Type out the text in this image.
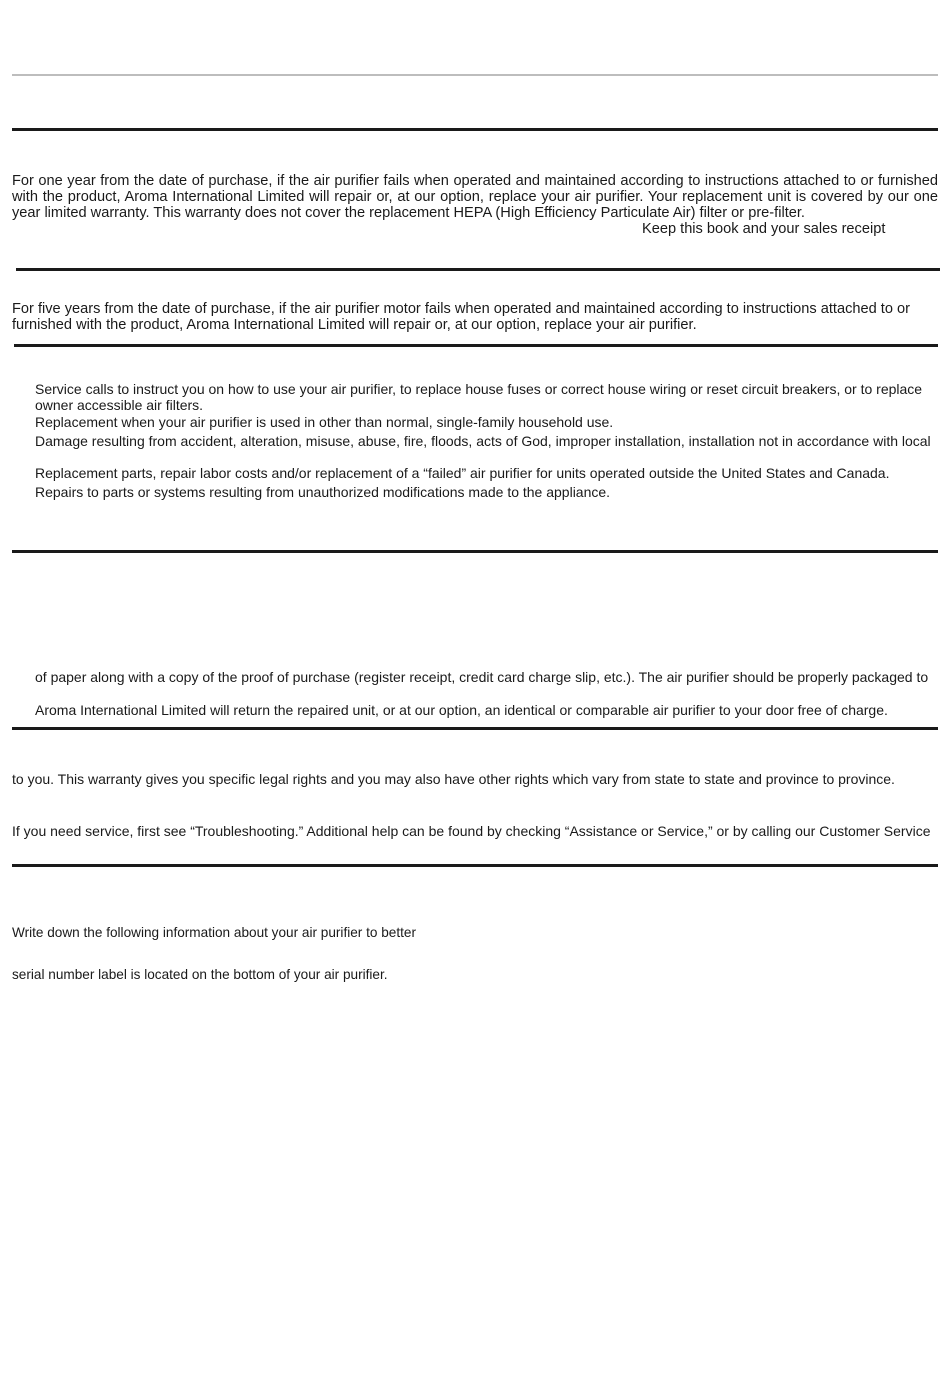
For one year from the date of purchase, if the air purifier fails when operated and maintained according to instructions attached to or furnished with the product, Aroma International Limited will repair or, at our option, replace your air purifier. Your replacement unit is covered by our one year limited warranty. This warranty does not cover the replacement HEPA (High Efficiency Particulate Air) filter or pre-filter.

Keep this book and your sales receipt

For five years from the date of purchase, if the air purifier motor fails when operated and maintained according to instructions attached to or furnished with the product, Aroma International Limited will repair or, at our option, replace your air purifier.

Service calls to instruct you on how to use your air purifier, to replace house fuses or correct house wiring or reset circuit breakers, or to replace owner accessible air filters.

Replacement when your air purifier is used in other than normal, single-family household use.

Damage resulting from accident, alteration, misuse, abuse, fire, floods, acts of God, improper installation, installation not in accordance with local

Replacement parts, repair labor costs and/or replacement of a “failed” air purifier for units operated outside the United States and Canada.

Repairs to parts or systems resulting from unauthorized modifications made to the appliance.

of paper along with a copy of the proof of purchase (register receipt, credit card charge slip, etc.). The air purifier should be properly packaged to

Aroma International Limited will return the repaired unit, or at our option, an identical or comparable air purifier to your door free of charge.

to you. This warranty gives you specific legal rights and you may also have other rights which vary from state to state and province to province.

If you need service, first see “Troubleshooting.” Additional help can be found by checking “Assistance or Service,” or by calling our Customer Service

Write down the following information about your air purifier to better

serial number label is located on the bottom of your air purifier.
